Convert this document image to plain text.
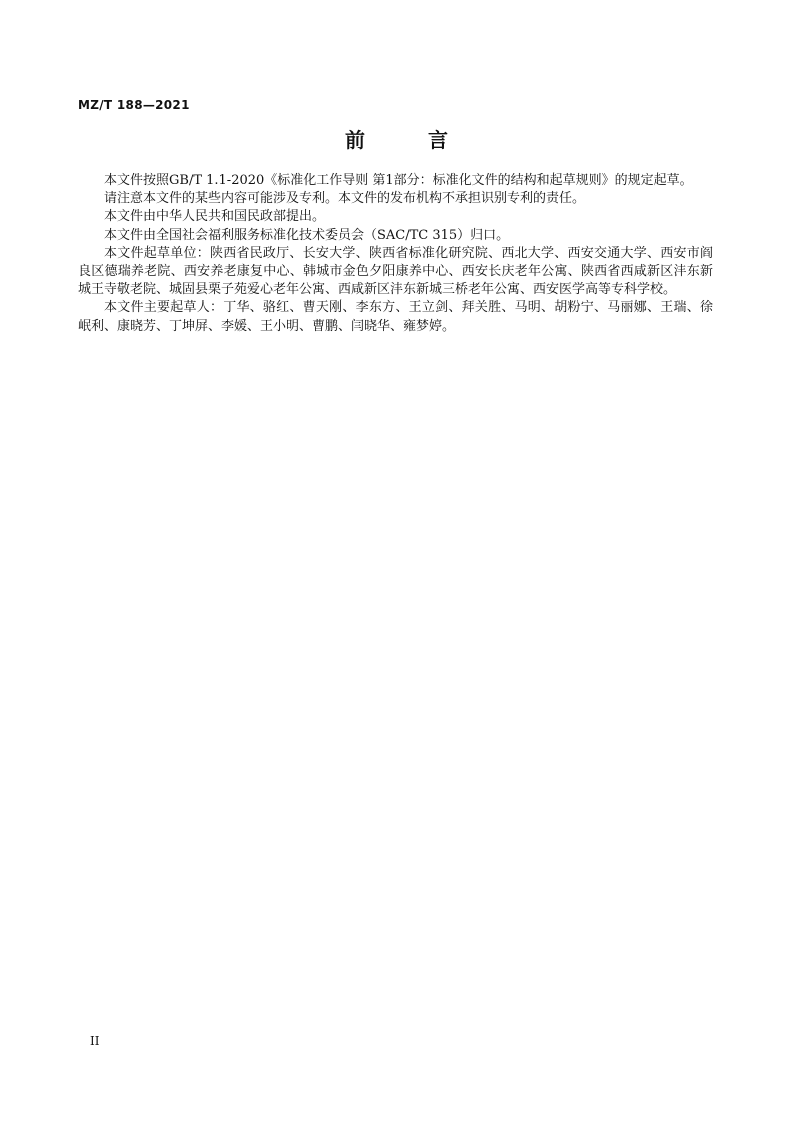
MZ/T 188—2021
前 言

本文件按照GB/T 1.1-2020《标准化工作导则 第1部分：标准化文件的结构和起草规则》的规定起草。

请注意本文件的某些内容可能涉及专利。本文件的发布机构不承担识别专利的责任。

本文件由中华人民共和国民政部提出。

本文件由全国社会福利服务标准化技术委员会（SAC/TC 315）归口。

本文件起草单位：陕西省民政厅、长安大学、陕西省标准化研究院、西北大学、西安交通大学、西安市阎良区德瑞养老院、西安养老康复中心、韩城市金色夕阳康养中心、西安长庆老年公寓、陕西省西咸新区沣东新城王寺敬老院、城固县栗子苑爱心老年公寓、西咸新区沣东新城三桥老年公寓、西安医学高等专科学校。

本文件主要起草人：丁华、骆红、曹天刚、李东方、王立剑、拜关胜、马明、胡粉宁、马丽娜、王瑞、徐岷利、康晓芳、丁坤屏、李媛、王小明、曹鹏、闫晓华、雍梦婷。

II
